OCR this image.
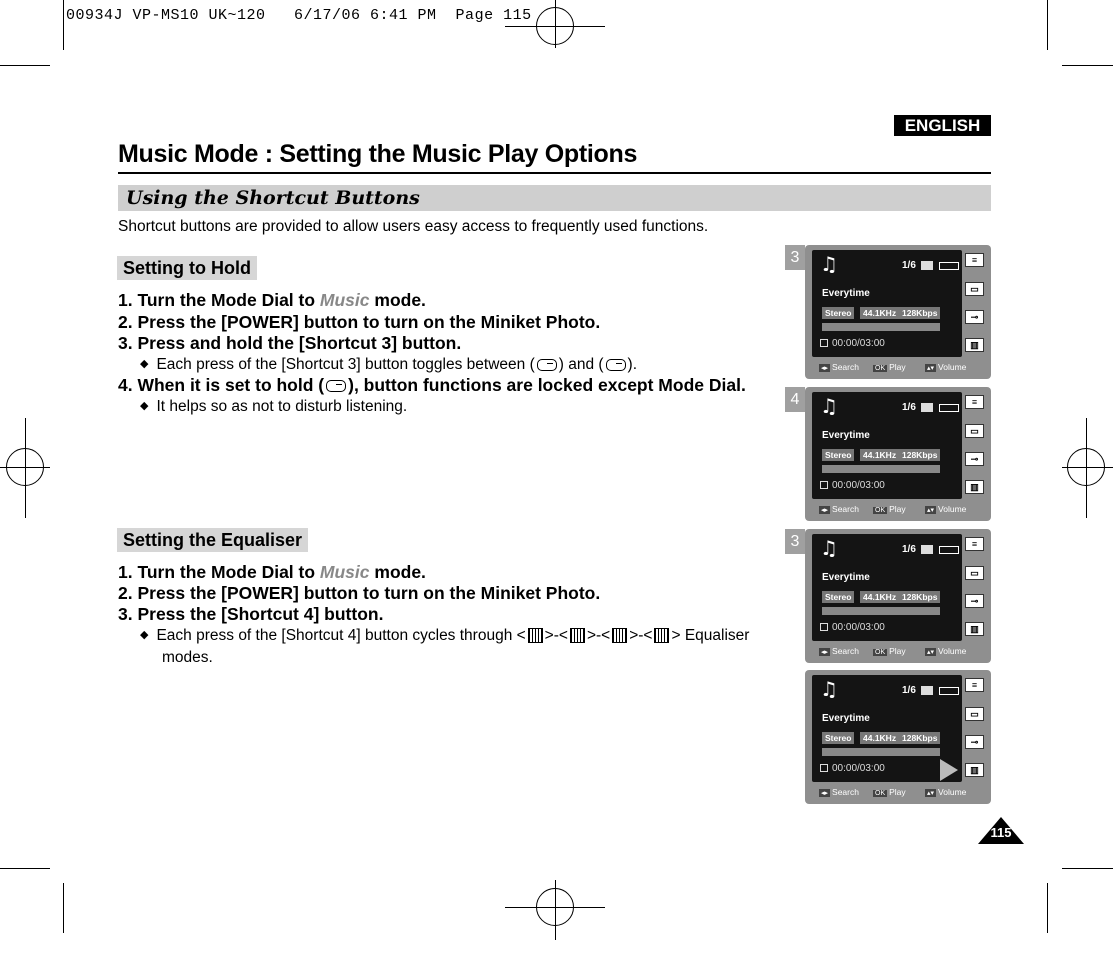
00934J VP-MS10 UK~120   6/17/06 6:41 PM  Page 115
ENGLISH
Music Mode : Setting the Music Play Options
Using the Shortcut Buttons
Shortcut buttons are provided to allow users easy access to frequently used functions.
Setting to Hold
1. Turn the Mode Dial to Music mode.
2. Press the [POWER] button to turn on the Miniket Photo.
3. Press and hold the [Shortcut 3] button.
◆ Each press of the [Shortcut 3] button toggles between ( ) and ( ).
4. When it is set to hold ( ), button functions are locked except Mode Dial.
◆ It helps so as not to disturb listening.
Setting the Equaliser
1. Turn the Mode Dial to Music mode.
2. Press the [POWER] button to turn on the Miniket Photo.
3. Press the [Shortcut 4] button.
◆ Each press of the [Shortcut 4] button cycles through < >-< >-< >-< > Equaliser
modes.
3 ♫	1/6
Everytime
Stereo	44.1KHz 128Kbps
00:00/03:00
≡
▭
⊸
▥
◂▸ Search OK Play	▴▾ Volume
4 ♫	1/6
Everytime
Stereo	44.1KHz 128Kbps
00:00/03:00
≡
▭
⊸
▥
◂▸ Search OK Play	▴▾ Volume
3 ♫	1/6
Everytime
Stereo	44.1KHz 128Kbps
00:00/03:00
≡
▭
⊸
▥
◂▸ Search OK Play	▴▾ Volume
♫	1/6
Everytime
Stereo	44.1KHz 128Kbps
00:00/03:00
≡
▭
⊸
▥
◂▸ Search OK Play	▴▾ Volume
115
